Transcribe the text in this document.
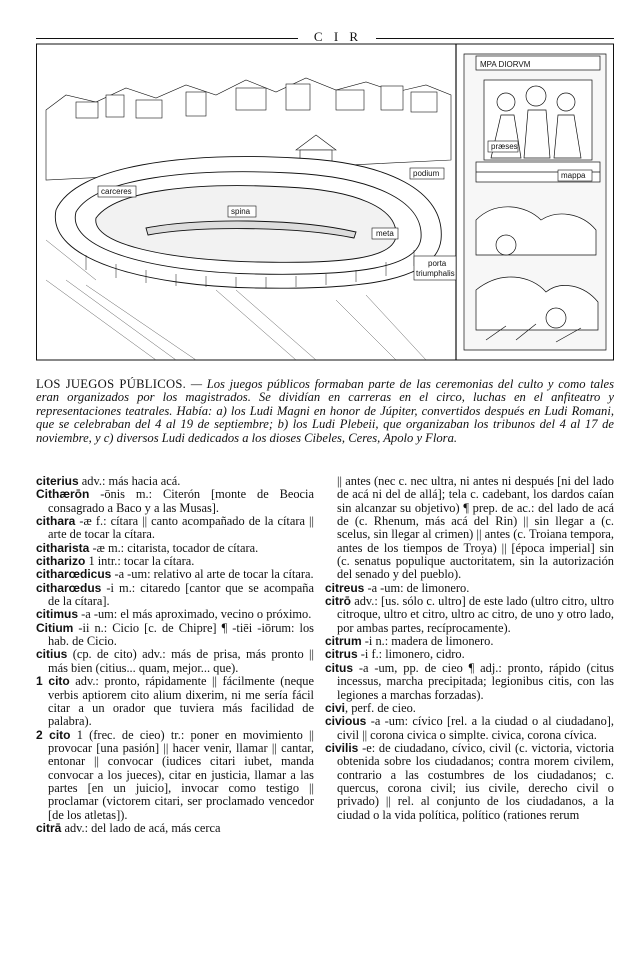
C I R
carceres
spina
meta
podium
porta
triumphalis
MPA DIORVM
præses
mappa
LOS JUEGOS PÚBLICOS. — Los juegos públicos formaban parte de las ceremonias del culto y como tales eran organizados por los magistrados. Se dividían en carreras en el circo, luchas en el anfiteatro y representaciones teatrales. Había: a) los Ludi Magni en honor de Júpiter, convertidos después en Ludi Romani, que se celebraban del 4 al 19 de septiembre; b) los Ludi Plebeii, que organizaban los tribunos del 4 al 17 de noviembre, y c) diversos Ludi dedicados a los dioses Cibeles, Ceres, Apolo y Flora.

citerius adv.: más hacia acá.

Cithærōn -ōnis m.: Citerón [monte de Beocia consagrado a Baco y a las Musas].

cithara -æ f.: cítara || canto acompañado de la cítara || arte de tocar la cítara.

citharista -æ m.: citarista, tocador de cítara.

citharizo 1 intr.: tocar la cítara.

citharœdicus -a -um: relativo al arte de tocar la cítara.

citharœdus -i m.: citaredo [cantor que se acompaña de la cítara].

citimus -a -um: el más aproximado, vecino o próximo.

Citium -ii n.: Cicio [c. de Chipre] ¶ -tiēi -iōrum: los hab. de Cicio.

citius (cp. de cito) adv.: más de prisa, más pronto || más bien (citius... quam, mejor... que).

1 cito adv.: pronto, rápidamente || fácilmente (neque verbis aptiorem cito alium dixerim, ni me sería fácil citar a un orador que tuviera más facilidad de palabra).

2 cito 1 (frec. de cieo) tr.: poner en movimiento || provocar [una pasión] || hacer venir, llamar || cantar, entonar || convocar (iudices citari iubet, manda convocar a los jueces), citar en justicia, llamar a las partes [en un juicio], invocar como testigo || proclamar (victorem citari, ser proclamado vencedor [de los atletas]).

citrā adv.: del lado de acá, más cerca

|| antes (nec c. nec ultra, ni antes ni después [ni del lado de acá ni del de allá]; tela c. cadebant, los dardos caían sin alcanzar su objetivo) ¶ prep. de ac.: del lado de acá de (c. Rhenum, más acá del Rin) || sin llegar a (c. scelus, sin llegar al crimen) || antes (c. Troiana tempora, antes de los tiempos de Troya) || [época imperial] sin (c. senatus populique auctoritatem, sin la autorización del senado y del pueblo).

citreus -a -um: de limonero.

citrō adv.: [us. sólo c. ultro] de este lado (ultro citro, ultro citroque, ultro et citro, ultro ac citro, de uno y otro lado, por ambas partes, recíprocamente).

citrum -i n.: madera de limonero.

citrus -i f.: limonero, cidro.

citus -a -um, pp. de cieo ¶ adj.: pronto, rápido (citus incessus, marcha precipitada; legionibus citis, con las legiones a marchas forzadas).

civi, perf. de cieo.

civious -a -um: cívico [rel. a la ciudad o al ciudadano], civil || corona civica o simplte. civica, corona cívica.

civilis -e: de ciudadano, cívico, civil (c. victoria, victoria obtenida sobre los ciudadanos; contra morem civilem, contrario a las costumbres de los ciudadanos; c. quercus, corona civil; ius civile, derecho civil o privado) || rel. al conjunto de los ciudadanos, a la ciudad o la vida política, político (rationes rerum
